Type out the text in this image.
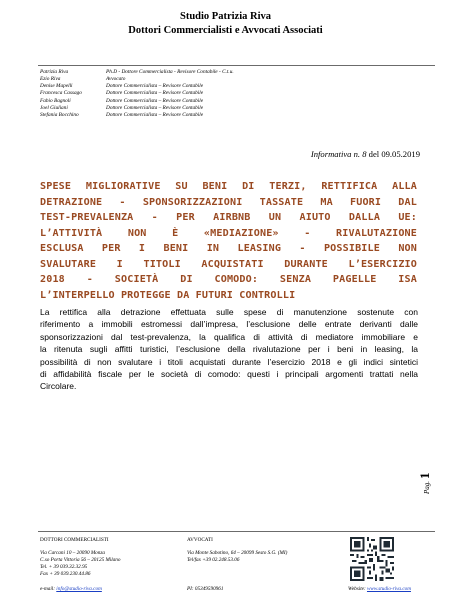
Studio Patrizia Riva
Dottori Commercialisti e Avvocati Associati
Patrizia Riva	Ph.D - Dottore Commercialista - Revisore Contabile - C.t.u.
Ezio Riva	Avvocato
Denise Mapelli	Dottore Commercialista – Revisore Contabile
Francesca Cassago	Dottore Commercialista – Revisore Contabile
Fabio Bagnoli	Dottore Commercialista – Revisore Contabile
Joel Giuliani	Dottore Commercialista – Revisore Contabile
Stefania Bocchino	Dottore Commercialista – Revisore Contabile
Informativa n. 8 del 09.05.2019
SPESE MIGLIORATIVE SU BENI DI TERZI, RETTIFICA ALLA
DETRAZIONE - SPONSORIZZAZIONI TASSATE MA FUORI DAL
TEST-PREVALENZA - PER AIRBNB UN AIUTO DALLA UE:
L’ATTIVITÀ NON È «MEDIAZIONE» - RIVALUTAZIONE
ESCLUSA PER I BENI IN LEASING - POSSIBILE NON
SVALUTARE I TITOLI ACQUISTATI DURANTE L’ESERCIZIO
2018 - SOCIETÀ DI COMODO: SENZA PAGELLE ISA
L’INTERPELLO PROTEGGE DA FUTURI CONTROLLI
La rettifica alla detrazione effettuata sulle spese di manutenzione sostenute con
riferimento a immobili estromessi dall’impresa, l’esclusione delle entrate derivanti dalle
sponsorizzazioni dal test-prevalenza, la qualifica di attività di mediatore immobiliare e
la ritenuta sugli affitti turistici, l’esclusione della rivalutazione per i beni in leasing, la
possibilità di non svalutare i titoli acquistati durante l’esercizio 2018 e gli indici sintetici
di affidabilità fiscale per le società di comodo: questi i principali argomenti trattati nella
Circolare.
Pag.1
DOTTORI COMMERCIALISTI
Via Carcani 10 – 20090 Monza
C.so Porta Vittoria 56 – 20125 Milano
Tel. + 39 039.32.32.95
Fax + 39 039.230.44.86
AVVOCATI
Via Monte Sabotino, 64 – 20099 Sesto S.G. (MI)
Tel/fax +39 02.248.53.06
e-mail: info@studio-riva.com	PI: 05349590961	Website: www.studio-riva.com
